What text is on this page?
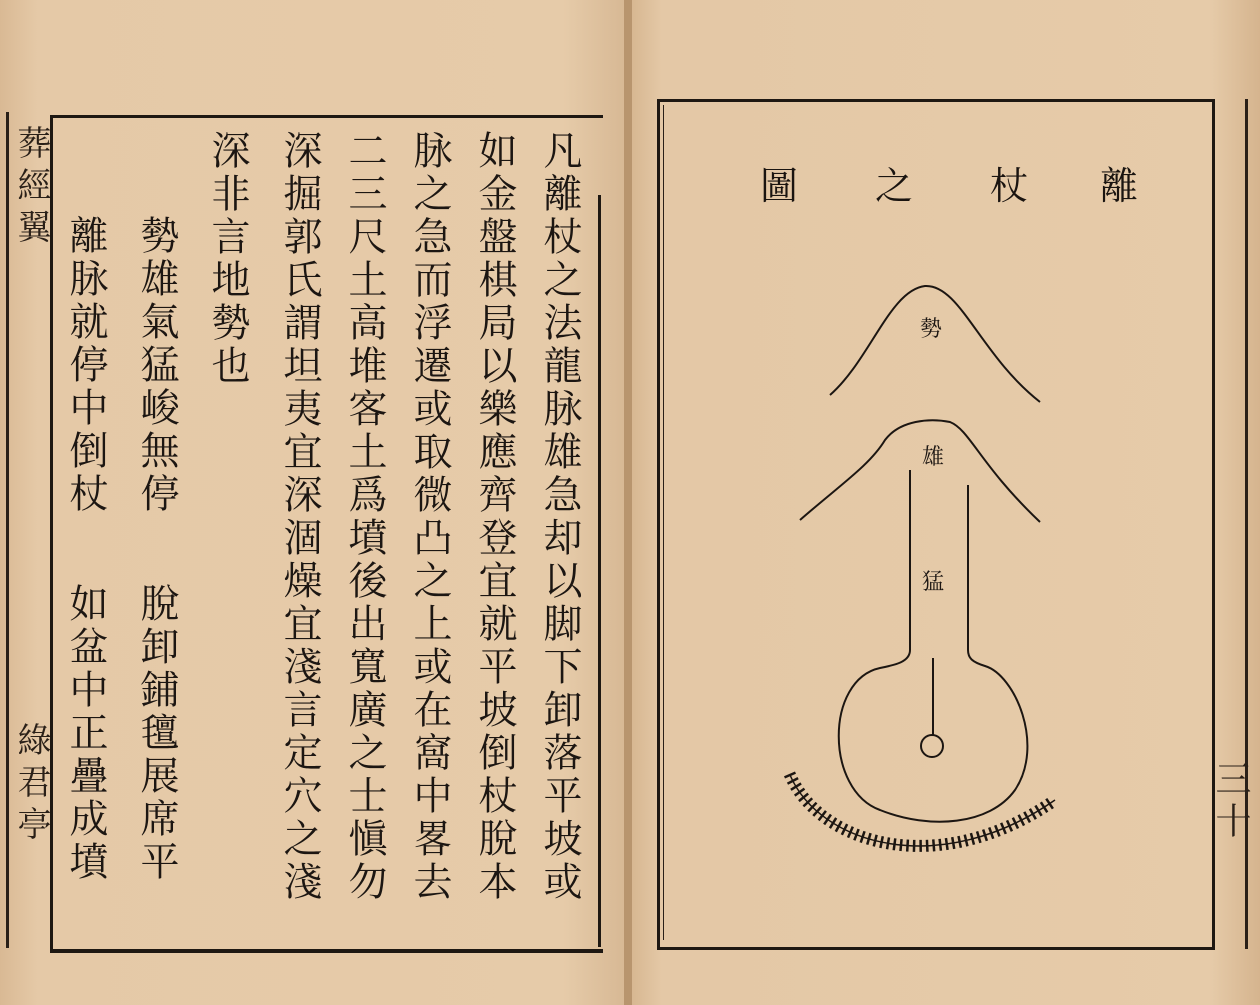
葬經翼
綠君亭	凡離杖之法龍脉雄急却以脚下卸落平坡或
如金盤棋局以樂應齊登宜就平坡倒杖脫本
脉之急而浮遷或取微凸之上或在窩中畧去
二三尺土高堆客土爲墳後出寬廣之士愼勿
深掘郭氏謂坦夷宜深涸燥宜淺言定穴之淺
深非言地勢也
勢雄氣猛峻無停
脫卸鋪氊展席平
離脉就停中倒杖
如盆中正疊成墳
離
杖
之
圖
三十
勢
雄
猛
